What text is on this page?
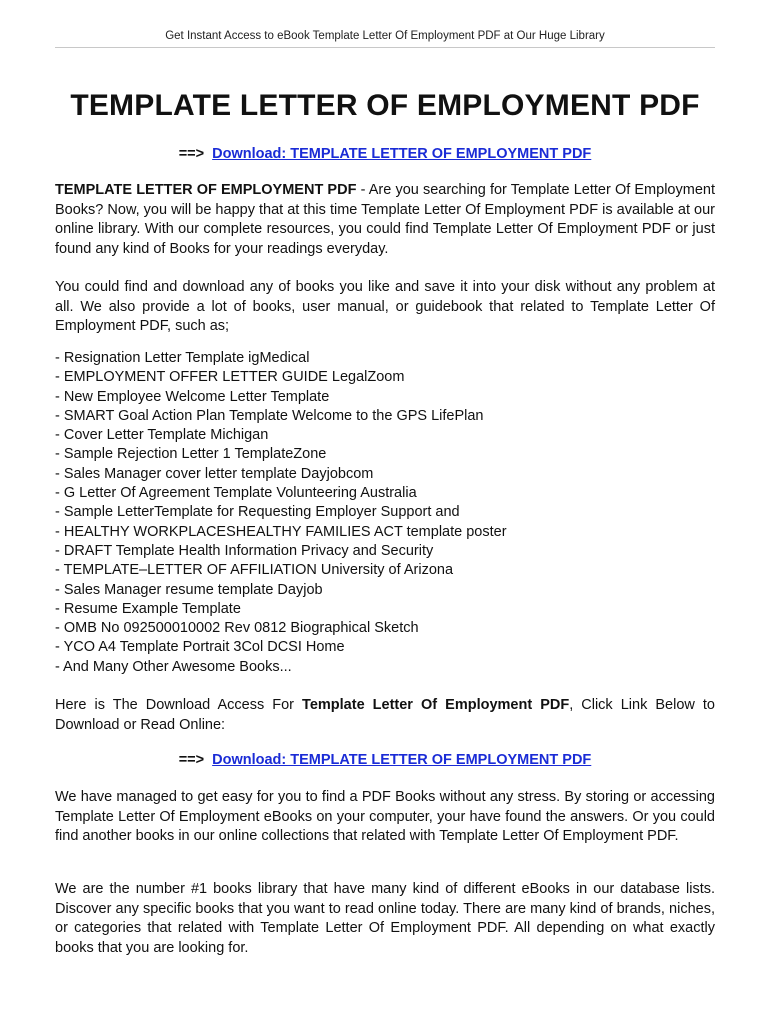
Get Instant Access to eBook Template Letter Of Employment PDF at Our Huge Library
TEMPLATE LETTER OF EMPLOYMENT PDF
==> Download: TEMPLATE LETTER OF EMPLOYMENT PDF

TEMPLATE LETTER OF EMPLOYMENT PDF - Are you searching for Template Letter Of Employment Books? Now, you will be happy that at this time Template Letter Of Employment PDF is available at our online library. With our complete resources, you could find Template Letter Of Employment PDF or just found any kind of Books for your readings everyday.

You could find and download any of books you like and save it into your disk without any problem at all. We also provide a lot of books, user manual, or guidebook that related to Template Letter Of Employment PDF, such as;

- Resignation Letter Template igMedical
- EMPLOYMENT OFFER LETTER GUIDE LegalZoom
- New Employee Welcome Letter Template
- SMART Goal Action Plan Template Welcome to the GPS LifePlan
- Cover Letter Template Michigan
- Sample Rejection Letter 1 TemplateZone
- Sales Manager cover letter template Dayjobcom
- G Letter Of Agreement Template Volunteering Australia
- Sample LetterTemplate for Requesting Employer Support and
- HEALTHY WORKPLACESHEALTHY FAMILIES ACT template poster
- DRAFT Template Health Information Privacy and Security
- TEMPLATE–LETTER OF AFFILIATION University of Arizona
- Sales Manager resume template Dayjob
- Resume Example Template
- OMB No 092500010002 Rev 0812 Biographical Sketch
- YCO A4 Template Portrait 3Col DCSI Home
- And Many Other Awesome Books...

Here is The Download Access For Template Letter Of Employment PDF, Click Link Below to Download or Read Online:

==> Download: TEMPLATE LETTER OF EMPLOYMENT PDF

We have managed to get easy for you to find a PDF Books without any stress. By storing or accessing Template Letter Of Employment eBooks on your computer, your have found the answers. Or you could find another books in our online collections that related with Template Letter Of Employment PDF.

We are the number #1 books library that have many kind of different eBooks in our database lists. Discover any specific books that you want to read online today. There are many kind of brands, niches, or categories that related with Template Letter Of Employment PDF. All depending on what exactly books that you are looking for.
